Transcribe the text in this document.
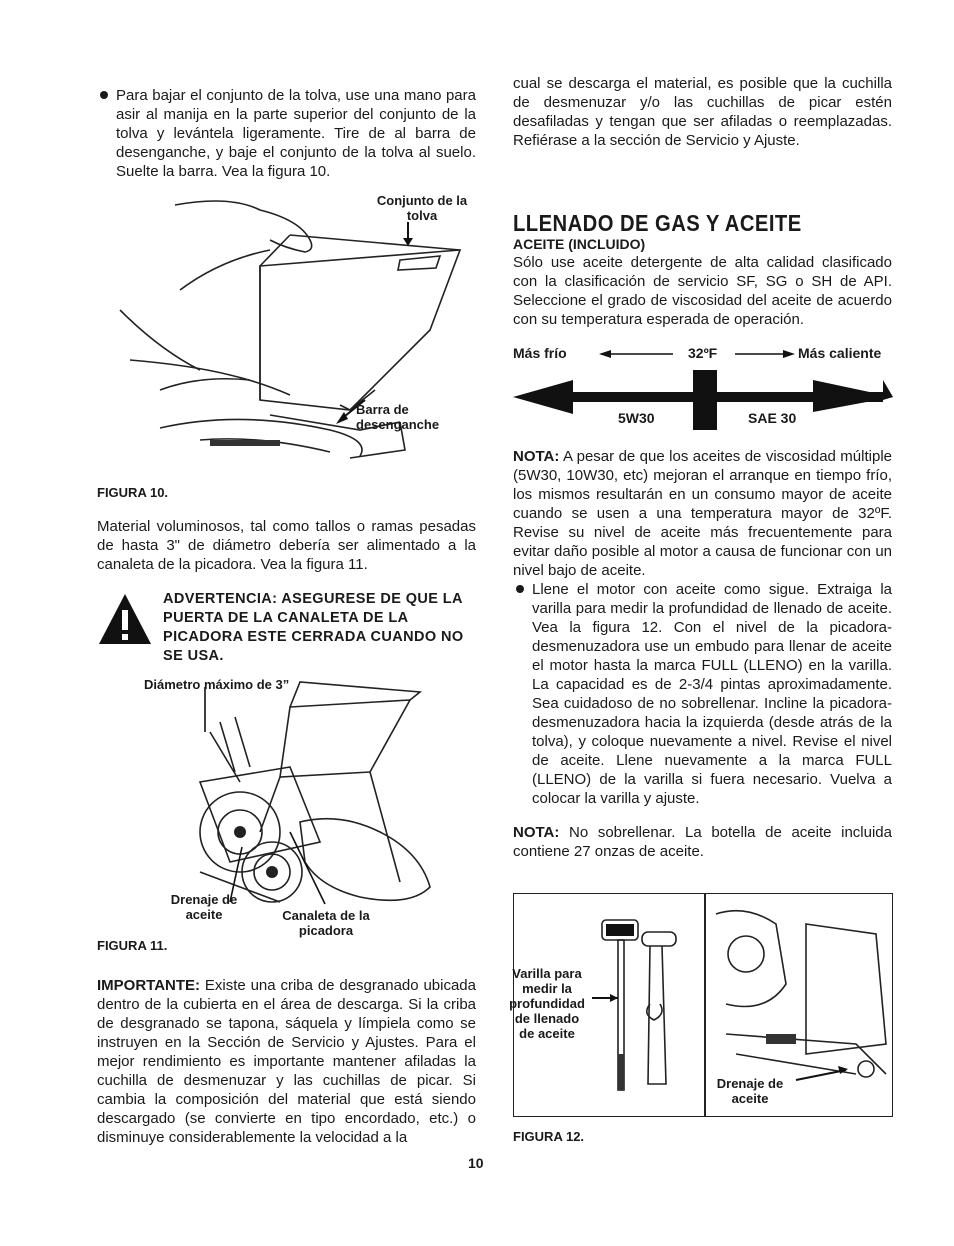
Para bajar el conjunto de la tolva, use una mano para asir al manija en la parte superior del conjunto de la tolva y levántela ligeramente. Tire de al barra de desenganche, y baje el conjunto de la tolva al suelo. Suelte la barra. Vea la figura 10.
Conjunto de la tolva
Barra de desenganche
FIGURA 10.
Material voluminosos, tal como tallos o ramas pesadas de hasta 3" de diámetro debería ser alimentado a la canaleta de la picadora. Vea la figura 11.
ADVERTENCIA: ASEGURESE DE QUE LA PUERTA DE LA CANALETA DE LA PICADORA ESTE CERRADA CUANDO NO SE USA.
Diámetro máximo de 3”
Drenaje de aceite	Canaleta de la picadora
FIGURA 11.
IMPORTANTE: Existe una criba de desgranado ubicada dentro de la cubierta en el área de descarga. Si la criba de desgranado se tapona, sáquela y límpiela como se instruyen en la Sección de Servicio y Ajustes. Para el mejor rendimiento es importante mantener afiladas la cuchilla de desmenuzar y las cuchillas de picar. Si cambia la composición del material que está siendo descargado (se convierte en tipo encordado, etc.) o disminuye considerablemente la velocidad a la
cual se descarga el material, es posible que la cuchilla de desmenuzar y/o las cuchillas de picar estén desafiladas y tengan que ser afiladas o reemplazadas. Refiérase a la sección de Servicio y Ajuste.
LLENADO DE GAS Y ACEITE
ACEITE (INCLUIDO)
Sólo use aceite detergente de alta calidad clasificado con la clasificación de servicio SF, SG o SH de API. Seleccione el grado de viscosidad del aceite de acuerdo con su temperatura esperada de operación.
Más frío	32ºF	Más caliente
5W30	SAE 30
NOTA: A pesar de que los aceites de viscosidad múltiple (5W30, 10W30, etc) mejoran el arranque en tiempo frío, los mismos resultarán en un consumo mayor de aceite cuando se usen a una temperatura mayor de 32ºF. Revise su nivel de aceite más frecuentemente para evitar daño posible al motor a causa de funcionar con un nivel bajo de aceite.
Llene el motor con aceite como sigue. Extraiga la varilla para medir la profundidad de llenado de aceite. Vea la figura 12. Con el nivel de la picadora-desmenuzadora use un embudo para llenar de aceite el motor hasta la marca FULL (LLENO) en la varilla. La capacidad es de 2-3/4 pintas aproximadamente. Sea cuidadoso de no sobrellenar. Incline la picadora-desmenuzadora hacia la izquierda (desde atrás de la tolva), y coloque nuevamente a nivel. Revise el nivel de aceite. Llene nuevamente a la marca FULL (LLENO) de la varilla si fuera necesario. Vuelva a colocar la varilla y ajuste.
NOTA: No sobrellenar. La botella de aceite incluida contiene 27 onzas de aceite.
Varilla para medir la profundidad de llenado de aceite
Drenaje de aceite
FIGURA 12.
10
